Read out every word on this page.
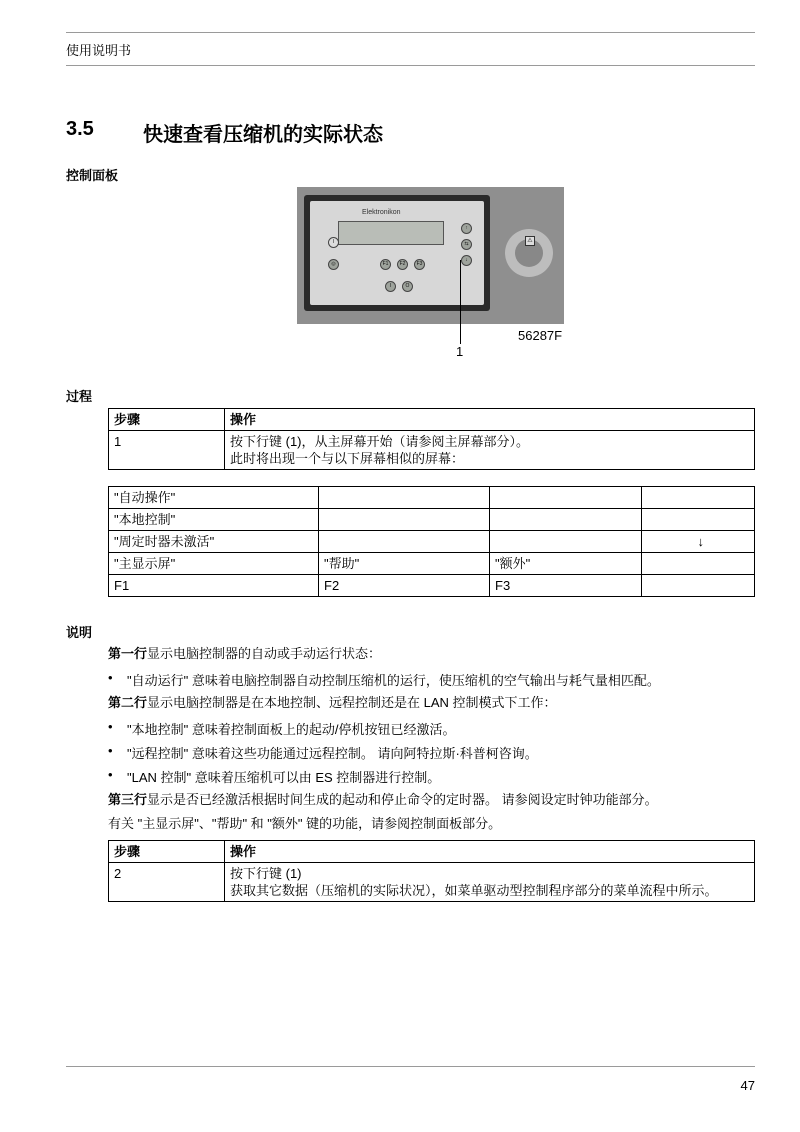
使用说明书
3.5 快速查看压缩机的实际状态
控制面板
Elektronikon
↑
⇆
↓
F1	F2	F3
I	O
◎
I	⚠
1
56287F
过程
步骤	操作
1	按下行键 (1)，从主屏幕开始（请参阅主屏幕部分）。
此时将出现一个与以下屏幕相似的屏幕：
"自动操作"			
"本地控制"			
"周定时器未激活"			↓
"主显示屏"	"帮助"	"额外"	
F1	F2	F3	
说明
第一行显示电脑控制器的自动或手动运行状态：
• "自动运行" 意味着电脑控制器自动控制压缩机的运行，使压缩机的空气输出与耗气量相匹配。
第二行显示电脑控制器是在本地控制、远程控制还是在 LAN 控制模式下工作：
• "本地控制" 意味着控制面板上的起动/停机按钮已经激活。
• "远程控制" 意味着这些功能通过远程控制。 请向阿特拉斯·科普柯咨询。
• "LAN 控制" 意味着压缩机可以由 ES 控制器进行控制。
第三行显示是否已经激活根据时间生成的起动和停止命令的定时器。 请参阅设定时钟功能部分。
有关 "主显示屏"、"帮助" 和 "额外" 键的功能，请参阅控制面板部分。
步骤	操作
2	按下行键 (1)
获取其它数据（压缩机的实际状况），如菜单驱动型控制程序部分的菜单流程中所示。
47
